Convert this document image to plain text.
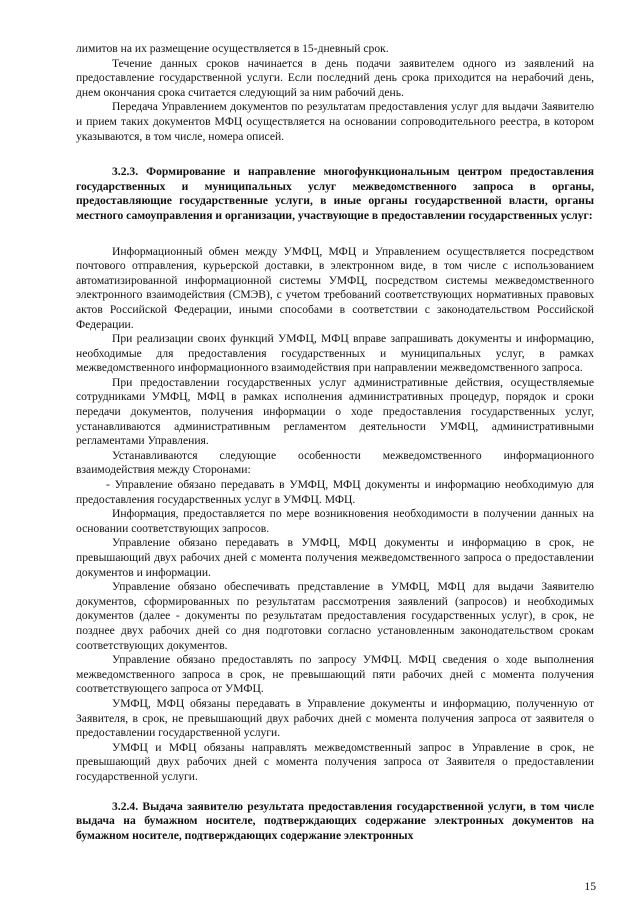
лимитов на их размещение осуществляется в 15-дневный срок.

Течение данных сроков начинается в день подачи заявителем одного из заявлений на предоставление государственной услуги. Если последний день срока приходится на нерабочий день, днем окончания срока считается следующий за ним рабочий день.

Передача Управлением документов по результатам предоставления услуг для выдачи Заявителю и прием таких документов МФЦ осуществляется на основании сопроводительного реестра, в котором указываются, в том числе, номера описей.

3.2.3. Формирование и направление многофункциональным центром предоставления государственных и муниципальных услуг межведомственного запроса в органы, предоставляющие государственные услуги, в иные органы государственной власти, органы местного самоуправления и организации, участвующие в предоставлении государственных услуг:

Информационный обмен между УМФЦ, МФЦ и Управлением осуществляется посредством почтового отправления, курьерской доставки, в электронном виде, в том числе с использованием автоматизированной информационной системы УМФЦ, посредством системы межведомственного электронного взаимодействия (СМЭВ), с учетом требований соответствующих нормативных правовых актов Российской Федерации, иными способами в соответствии с законодательством Российской Федерации.

При реализации своих функций УМФЦ, МФЦ вправе запрашивать документы и информацию, необходимые для предоставления государственных и муниципальных услуг, в рамках межведомственного информационного взаимодействия при направлении межведомственного запроса.

При предоставлении государственных услуг административные действия, осуществляемые сотрудниками УМФЦ, МФЦ в рамках исполнения административных процедур, порядок и сроки передачи документов, получения информации о ходе предоставления государственных услуг, устанавливаются административным регламентом деятельности УМФЦ, административными регламентами Управления.

Устанавливаются следующие особенности межведомственного информационного взаимодействия между Сторонами:

- Управление обязано передавать в УМФЦ, МФЦ документы и информацию необходимую для предоставления государственных услуг в УМФЦ. МФЦ.

Информация, предоставляется по мере возникновения необходимости в получении данных на основании соответствующих запросов.

Управление обязано передавать в УМФЦ, МФЦ документы и информацию в срок, не превышающий двух рабочих дней с момента получения межведомственного запроса о предоставлении документов и информации.

Управление обязано обеспечивать представление в УМФЦ, МФЦ для выдачи Заявителю документов, сформированных по результатам рассмотрения заявлений (запросов) и необходимых документов (далее - документы по результатам предоставления государственных услуг), в срок, не позднее двух рабочих дней со дня подготовки согласно установленным законодательством срокам соответствующих документов.

Управление обязано предоставлять по запросу УМФЦ. МФЦ сведения о ходе выполнения межведомственного запроса в срок, не превышающий пяти рабочих дней с момента получения соответствующего запроса от УМФЦ.

УМФЦ, МФЦ обязаны передавать в Управление документы и информацию, полученную от Заявителя, в срок, не превышающий двух рабочих дней с момента получения запроса от заявителя о предоставлении государственной услуги.

УМФЦ и МФЦ обязаны направлять межведомственный запрос в Управление в срок, не превышающий двух рабочих дней с момента получения запроса от Заявителя о предоставлении государственной услуги.

3.2.4. Выдача заявителю результата предоставления государственной услуги, в том числе выдача на бумажном носителе, подтверждающих содержание электронных документов на бумажном носителе, подтверждающих содержание электронных

15
